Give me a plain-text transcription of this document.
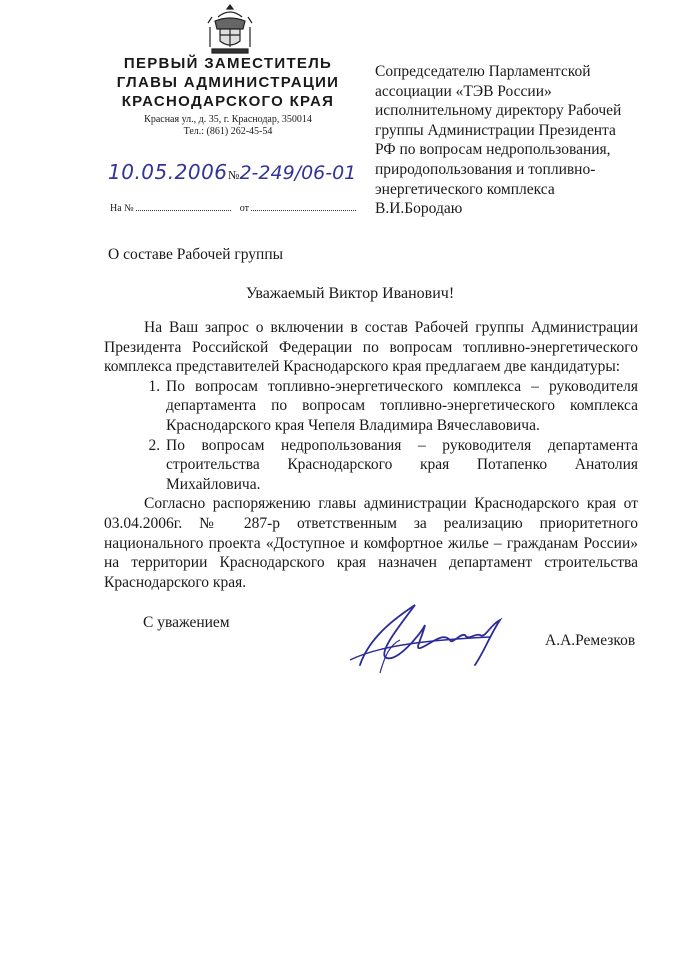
ПЕРВЫЙ ЗАМЕСТИТЕЛЬ
ГЛАВЫ АДМИНИСТРАЦИИ
КРАСНОДАРСКОГО КРАЯ
Красная ул., д. 35, г. Краснодар, 350014
Тел.: (861) 262-45-54
10.05.2006 №2-249/06-01
На №	от
Сопредседателю Парламентской
ассоциации «ТЭВ России»
исполнительному директору Рабочей
группы Администрации Президента
РФ по вопросам недропользования,
природопользования и топливно-
энергетического комплекса
В.И.Бородаю
О составе Рабочей группы
Уважаемый Виктор Иванович!

На Ваш запрос о включении в состав Рабочей группы Администрации Президента Российской Федерации по вопросам топливно-энергетического комплекса представителей Краснодарского края предлагаем две кандидатуры:

1. По вопросам топливно-энергетического комплекса – руководителя департамента по вопросам топливно-энергетического комплекса Краснодарского края Чепеля Владимира Вячеславовича.
2. По вопросам недропользования – руководителя департамента строительства Краснодарского края Потапенко Анатолия Михайловича.

Согласно распоряжению главы администрации Краснодарского края от 03.04.2006г. № 287-р ответственным за реализацию приоритетного национального проекта «Доступное и комфортное жилье – гражданам России» на территории Краснодарского края назначен департамент строительства Краснодарского края.

С уважением
А.А.Ремезков
